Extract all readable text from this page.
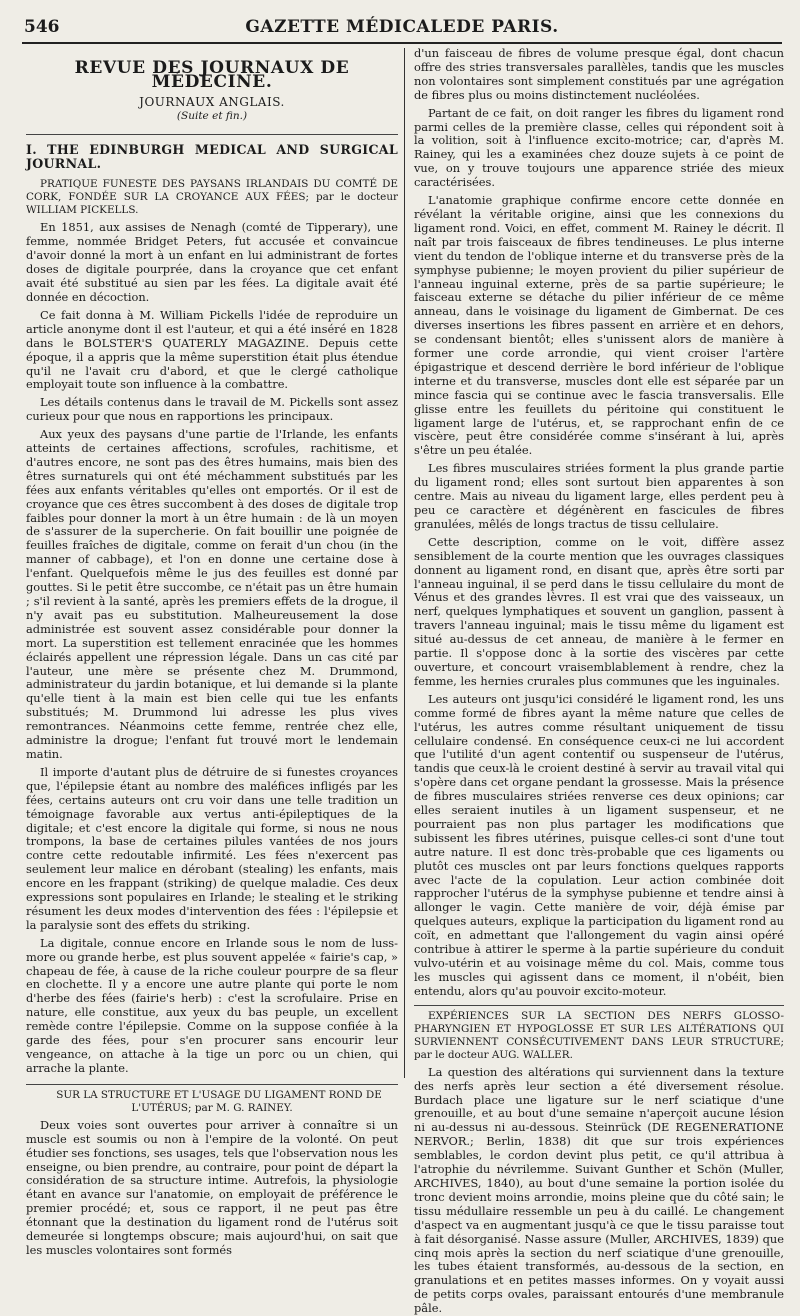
546	GAZETTE MÉDICALEDE PARIS.
REVUE DES JOURNAUX DE MÉDECINE.
JOURNAUX ANGLAIS.
(Suite et fin.)
I. THE EDINBURGH MEDICAL AND SURGICAL JOURNAL.

PRATIQUE FUNESTE DES PAYSANS IRLANDAIS DU COMTÉ DE CORK, FONDÉE SUR LA CROYANCE AUX FÉES; par le docteur WILLIAM PICKELLS.

En 1851, aux assises de Nenagh (comté de Tipperary), une femme, nommée Bridget Peters, fut accusée et convaincue d'avoir donné la mort à un enfant en lui administrant de fortes doses de digitale pourprée, dans la croyance que cet enfant avait été substitué au sien par les fées. La digitale avait été donnée en décoction.

Ce fait donna à M. William Pickells l'idée de reproduire un article anonyme dont il est l'auteur, et qui a été inséré en 1828 dans le BOLSTER'S QUATERLY MAGAZINE. Depuis cette époque, il a appris que la même superstition était plus étendue qu'il ne l'avait cru d'abord, et que le clergé catholique employait toute son influence à la combattre.

Les détails contenus dans le travail de M. Pickells sont assez curieux pour que nous en rapportions les principaux.

Aux yeux des paysans d'une partie de l'Irlande, les enfants atteints de certaines affections, scrofules, rachitisme, et d'autres encore, ne sont pas des êtres humains, mais bien des êtres surnaturels qui ont été méchamment substitués par les fées aux enfants véritables qu'elles ont emportés. Or il est de croyance que ces êtres succombent à des doses de digitale trop faibles pour donner la mort à un être humain : de là un moyen de s'assurer de la supercherie. On fait bouillir une poignée de feuilles fraîches de digitale, comme on ferait d'un chou (in the manner of cabbage), et l'on en donne une certaine dose à l'enfant. Quelquefois même le jus des feuilles est donné par gouttes. Si le petit être succombe, ce n'était pas un être humain ; s'il revient à la santé, après les premiers effets de la drogue, il n'y avait pas eu substitution. Malheureusement la dose administrée est souvent assez considérable pour donner la mort. La superstition est tellement enracinée que les hommes éclairés appellent une répression légale. Dans un cas cité par l'auteur, une mère se présente chez M. Drummond, administrateur du jardin botanique, et lui demande si la plante qu'elle tient à la main est bien celle qui tue les enfants substitués; M. Drummond lui adresse les plus vives remontrances. Néanmoins cette femme, rentrée chez elle, administre la drogue; l'enfant fut trouvé mort le lendemain matin.

Il importe d'autant plus de détruire de si funestes croyances que, l'épilepsie étant au nombre des maléfices infligés par les fées, certains auteurs ont cru voir dans une telle tradition un témoignage favorable aux vertus anti-épileptiques de la digitale; et c'est encore la digitale qui forme, si nous ne nous trompons, la base de certaines pilules vantées de nos jours contre cette redoutable infirmité. Les fées n'exercent pas seulement leur malice en dérobant (stealing) les enfants, mais encore en les frappant (striking) de quelque maladie. Ces deux expressions sont populaires en Irlande; le stealing et le striking résument les deux modes d'intervention des fées : l'épilepsie et la paralysie sont des effets du striking.

La digitale, connue encore en Irlande sous le nom de luss-more ou grande herbe, est plus souvent appelée « fairie's cap, » chapeau de fée, à cause de la riche couleur pourpre de sa fleur en clochette. Il y a encore une autre plante qui porte le nom d'herbe des fées (fairie's herb) : c'est la scrofulaire. Prise en nature, elle constitue, aux yeux du bas peuple, un excellent remède contre l'épilepsie. Comme on la suppose confiée à la garde des fées, pour s'en procurer sans encourir leur vengeance, on attache à la tige un porc ou un chien, qui arrache la plante.

SUR LA STRUCTURE ET L'USAGE DU LIGAMENT ROND DE L'UTÉRUS; par M. G. RAINEY.

Deux voies sont ouvertes pour arriver à connaître si un muscle est soumis ou non à l'empire de la volonté. On peut étudier ses fonctions, ses usages, tels que l'observation nous les enseigne, ou bien prendre, au contraire, pour point de départ la considération de sa structure intime. Autrefois, la physiologie étant en avance sur l'anatomie, on employait de préférence le premier procédé; et, sous ce rapport, il ne peut pas être étonnant que la destination du ligament rond de l'utérus soit demeurée si longtemps obscure; mais aujourd'hui, on sait que les muscles volontaires sont formés

d'un faisceau de fibres de volume presque égal, dont chacun offre des stries transversales parallèles, tandis que les muscles non volontaires sont simplement constitués par une agrégation de fibres plus ou moins distinctement nucléolées.

Partant de ce fait, on doit ranger les fibres du ligament rond parmi celles de la première classe, celles qui répondent soit à la volition, soit à l'influence excito-motrice; car, d'après M. Rainey, qui les a examinées chez douze sujets à ce point de vue, on y trouve toujours une apparence striée des mieux caractérisées.

L'anatomie graphique confirme encore cette donnée en révélant la véritable origine, ainsi que les connexions du ligament rond. Voici, en effet, comment M. Rainey le décrit. Il naît par trois faisceaux de fibres tendineuses. Le plus interne vient du tendon de l'oblique interne et du transverse près de la symphyse pubienne; le moyen provient du pilier supérieur de l'anneau inguinal externe, près de sa partie supérieure; le faisceau externe se détache du pilier inférieur de ce même anneau, dans le voisinage du ligament de Gimbernat. De ces diverses insertions les fibres passent en arrière et en dehors, se condensant bientôt; elles s'unissent alors de manière à former une corde arrondie, qui vient croiser l'artère épigastrique et descend derrière le bord inférieur de l'oblique interne et du transverse, muscles dont elle est séparée par un mince fascia qui se continue avec le fascia transversalis. Elle glisse entre les feuillets du péritoine qui constituent le ligament large de l'utérus, et, se rapprochant enfin de ce viscère, peut être considérée comme s'insérant à lui, après s'être un peu étalée.

Les fibres musculaires striées forment la plus grande partie du ligament rond; elles sont surtout bien apparentes à son centre. Mais au niveau du ligament large, elles perdent peu à peu ce caractère et dégénèrent en fascicules de fibres granulées, mêlés de longs tractus de tissu cellulaire.

Cette description, comme on le voit, diffère assez sensiblement de la courte mention que les ouvrages classiques donnent au ligament rond, en disant que, après être sorti par l'anneau inguinal, il se perd dans le tissu cellulaire du mont de Vénus et des grandes lèvres. Il est vrai que des vaisseaux, un nerf, quelques lymphatiques et souvent un ganglion, passent à travers l'anneau inguinal; mais le tissu même du ligament est situé au-dessus de cet anneau, de manière à le fermer en partie. Il s'oppose donc à la sortie des viscères par cette ouverture, et concourt vraisemblablement à rendre, chez la femme, les hernies crurales plus communes que les inguinales.

Les auteurs ont jusqu'ici considéré le ligament rond, les uns comme formé de fibres ayant la même nature que celles de l'utérus, les autres comme résultant uniquement de tissu cellulaire condensé. En conséquence ceux-ci ne lui accordent que l'utilité d'un agent contentif ou suspenseur de l'utérus, tandis que ceux-là le croient destiné à servir au travail vital qui s'opère dans cet organe pendant la grossesse. Mais la présence de fibres musculaires striées renverse ces deux opinions; car elles seraient inutiles à un ligament suspenseur, et ne pourraient pas non plus partager les modifications que subissent les fibres utérines, puisque celles-ci sont d'une tout autre nature. Il est donc très-probable que ces ligaments ou plutôt ces muscles ont par leurs fonctions quelques rapports avec l'acte de la copulation. Leur action combinée doit rapprocher l'utérus de la symphyse pubienne et tendre ainsi à allonger le vagin. Cette manière de voir, déjà émise par quelques auteurs, explique la participation du ligament rond au coït, en admettant que l'allongement du vagin ainsi opéré contribue à attirer le sperme à la partie supérieure du conduit vulvo-utérin et au voisinage même du col. Mais, comme tous les muscles qui agissent dans ce moment, il n'obéit, bien entendu, alors qu'au pouvoir excito-moteur.

EXPÉRIENCES SUR LA SECTION DES NERFS GLOSSO-PHARYNGIEN ET HYPOGLOSSE ET SUR LES ALTÉRATIONS QUI SURVIENNENT CONSÉCUTIVEMENT DANS LEUR STRUCTURE; par le docteur AUG. WALLER.

La question des altérations qui surviennent dans la texture des nerfs après leur section a été diversement résolue. Burdach place une ligature sur le nerf sciatique d'une grenouille, et au bout d'une semaine n'aperçoit aucune lésion ni au-dessus ni au-dessous. Steinrück (DE REGENERATIONE NERVOR.; Berlin, 1838) dit que sur trois expériences semblables, le cordon devint plus petit, ce qu'il attribua à l'atrophie du névrilemme. Suivant Gunther et Schön (Muller, ARCHIVES, 1840), au bout d'une semaine la portion isolée du tronc devient moins arrondie, moins pleine que du côté sain; le tissu médullaire ressemble un peu à du caillé. Le changement d'aspect va en augmentant jusqu'à ce que le tissu paraisse tout à fait désorganisé. Nasse assure (Muller, ARCHIVES, 1839) que cinq mois après la section du nerf sciatique d'une grenouille, les tubes étaient transformés, au-dessous de la section, en granulations et en petites masses informes. On y voyait aussi de petits corps ovales, paraissant entourés d'une membranule pâle.
